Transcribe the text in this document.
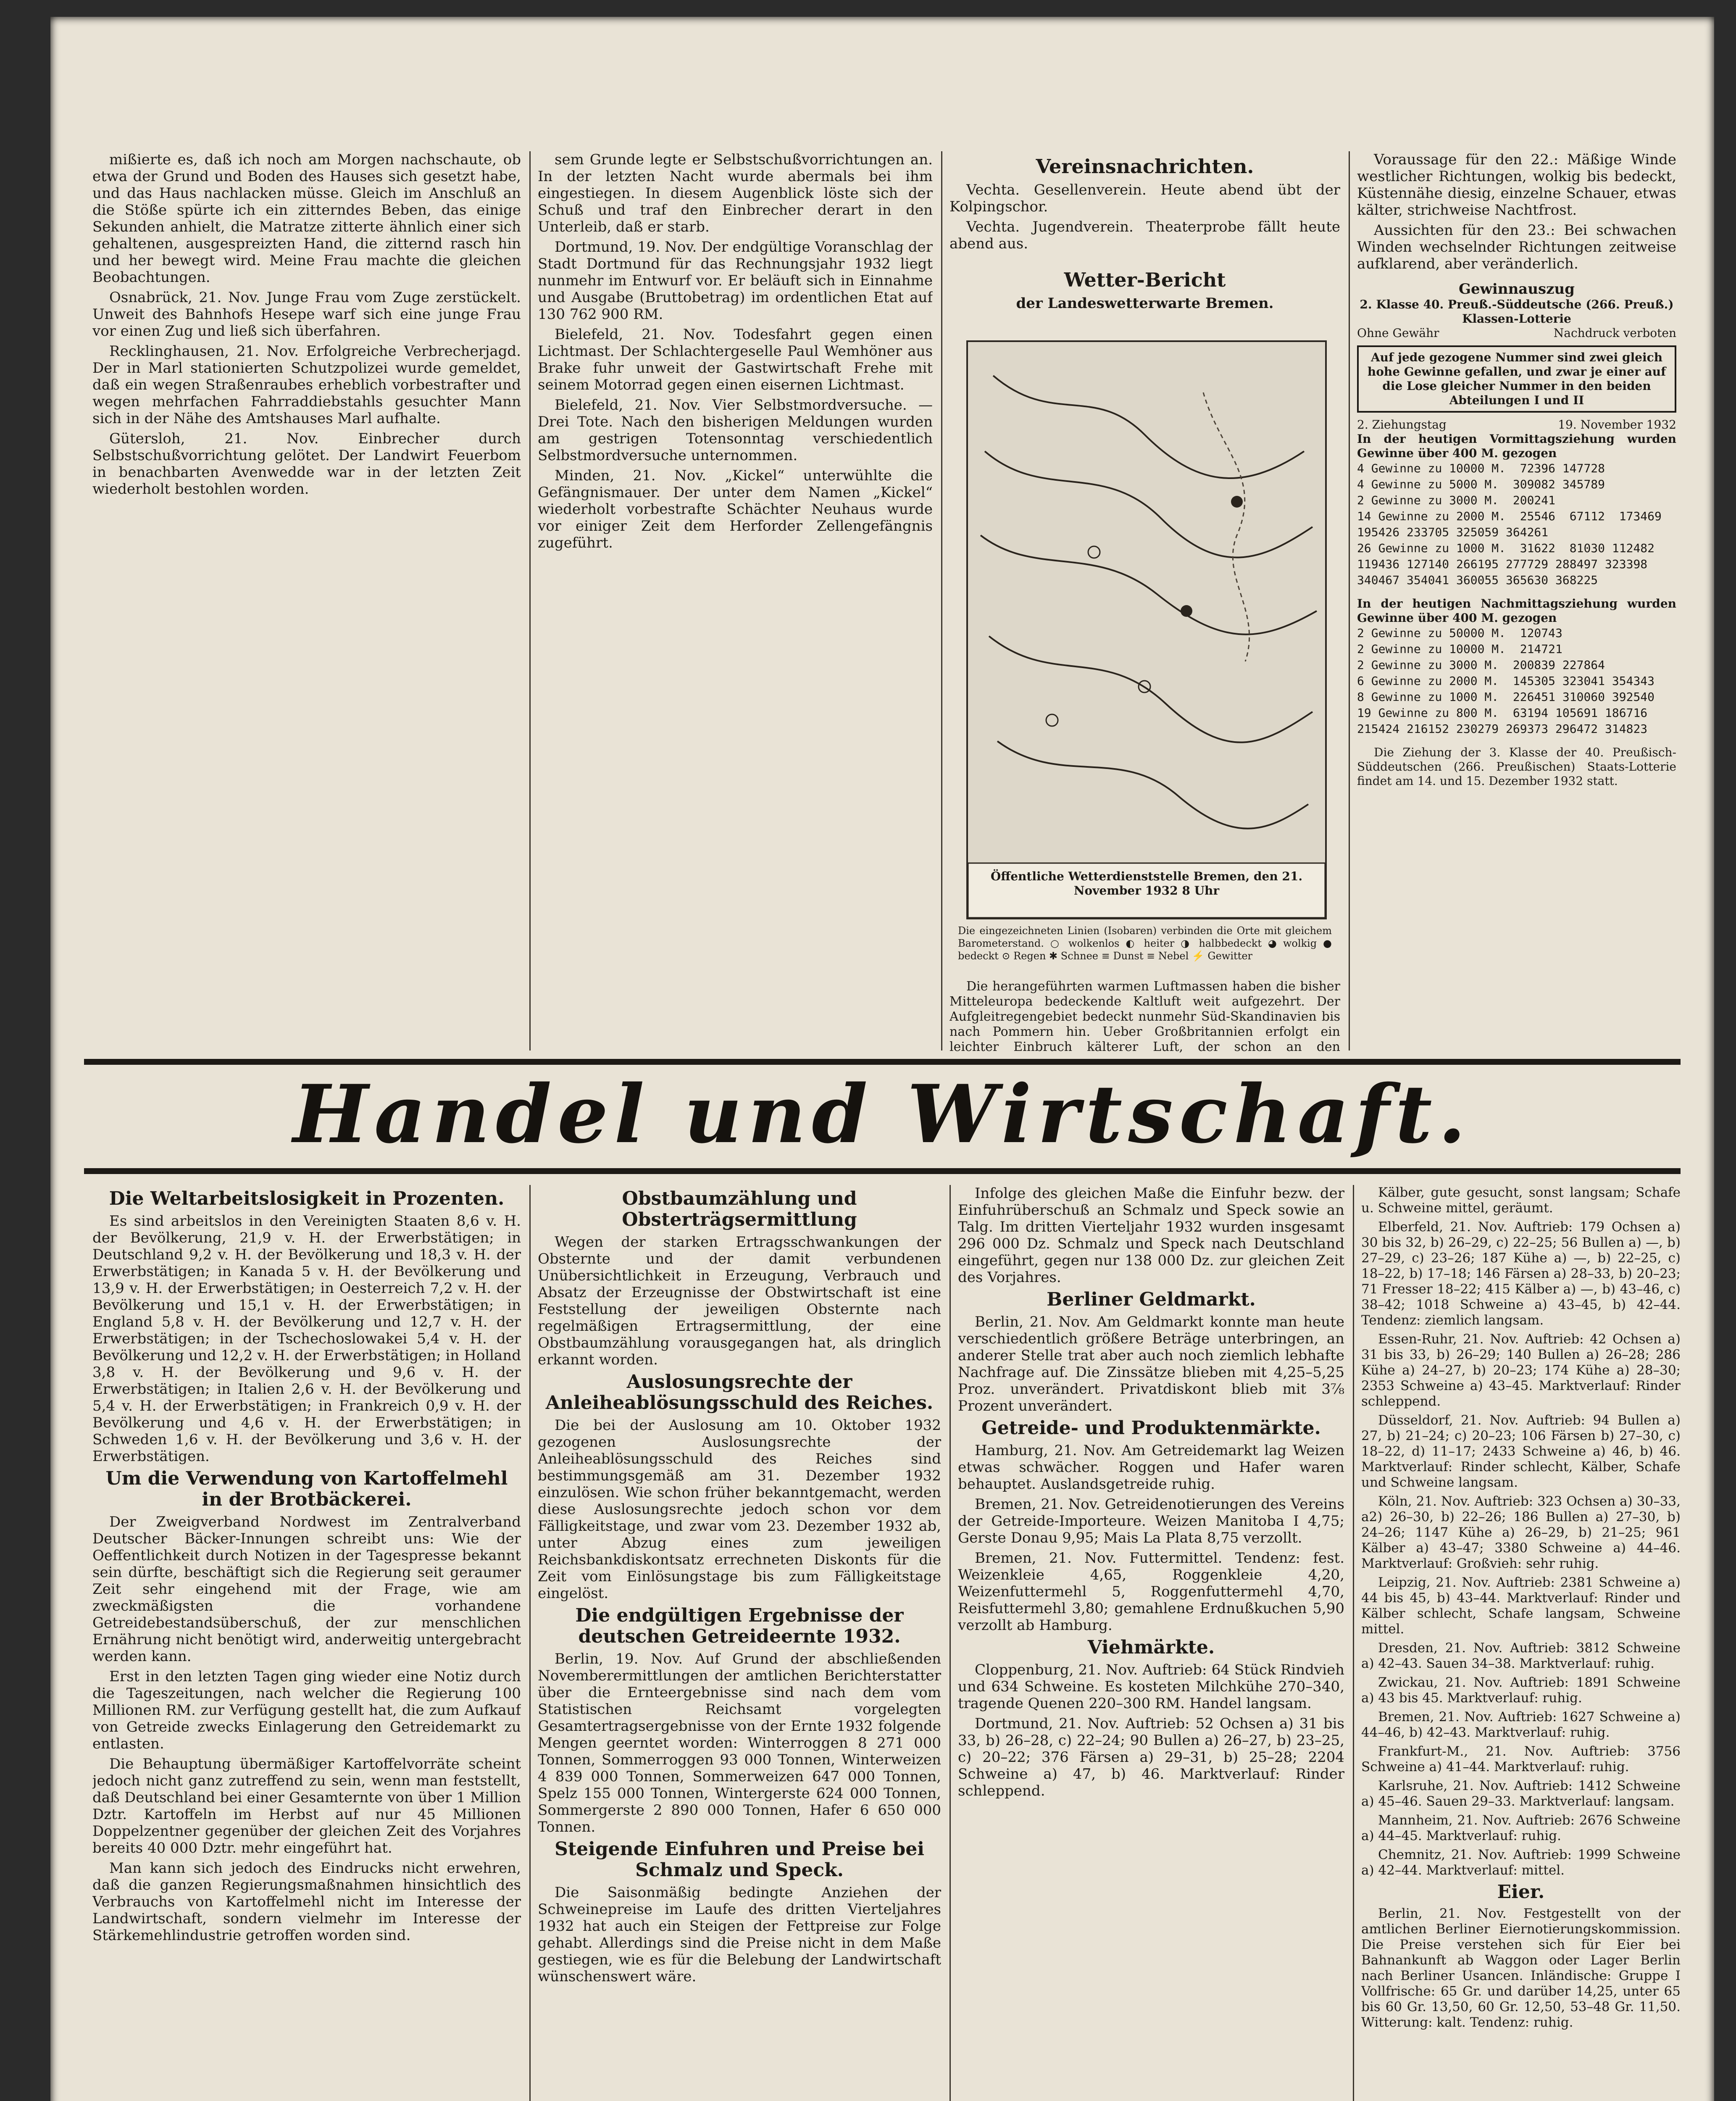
mißierte es, daß ich noch am Morgen nachschaute, ob etwa der Grund und Boden des Hauses sich gesetzt habe, und das Haus nachlacken müsse. Gleich im Anschluß an die Stöße spürte ich ein zitterndes Beben, das einige Sekunden anhielt, die Matratze zitterte ähnlich einer sich gehaltenen, ausgespreizten Hand, die zitternd rasch hin und her bewegt wird. Meine Frau machte die gleichen Beobachtungen.

Osnabrück, 21. Nov. Junge Frau vom Zuge zerstückelt. Unweit des Bahnhofs Hesepe warf sich eine junge Frau vor einen Zug und ließ sich überfahren.

Recklinghausen, 21. Nov. Erfolgreiche Verbrecherjagd. Der in Marl stationierten Schutzpolizei wurde gemeldet, daß ein wegen Straßenraubes erheblich vorbestrafter und wegen mehrfachen Fahrraddiebstahls gesuchter Mann sich in der Nähe des Amtshauses Marl aufhalte.

Gütersloh, 21. Nov. Einbrecher durch Selbstschußvorrichtung gelötet. Der Landwirt Feuerbom in benachbarten Avenwedde war in der letzten Zeit wiederholt bestohlen worden.

sem Grunde legte er Selbstschußvorrichtungen an. In der letzten Nacht wurde abermals bei ihm eingestiegen. In diesem Augenblick löste sich der Schuß und traf den Einbrecher derart in den Unterleib, daß er starb.

Dortmund, 19. Nov. Der endgültige Voranschlag der Stadt Dortmund für das Rechnungsjahr 1932 liegt nunmehr im Entwurf vor. Er beläuft sich in Einnahme und Ausgabe (Bruttobetrag) im ordentlichen Etat auf 130 762 900 RM.

Bielefeld, 21. Nov. Todesfahrt gegen einen Lichtmast. Der Schlachtergeselle Paul Wemhöner aus Brake fuhr unweit der Gastwirtschaft Frehe mit seinem Motorrad gegen einen eisernen Lichtmast.

Bielefeld, 21. Nov. Vier Selbstmordversuche. — Drei Tote. Nach den bisherigen Meldungen wurden am gestrigen Totensonntag verschiedentlich Selbstmordversuche unternommen.

Minden, 21. Nov. „Kickel“ unterwühlte die Gefängnismauer. Der unter dem Namen „Kickel“ wiederholt vorbestrafte Schächter Neuhaus wurde vor einiger Zeit dem Herforder Zellengefängnis zugeführt.

Vereinsnachrichten.

Vechta. Gesellenverein. Heute abend übt der Kolpingschor.

Vechta. Jugendverein. Theaterprobe fällt heute abend aus.

Wetter-Bericht
der Landeswetterwarte Bremen.
Öffentliche Wetterdienststelle Bremen, den 21. November 1932 8 Uhr
Die eingezeichneten Linien (Isobaren) verbinden die Orte mit gleichem Barometerstand. ○ wolkenlos ◐ heiter ◑ halbbedeckt ◕ wolkig ● bedeckt ⊙ Regen ✱ Schnee ≡ Dunst ≡ Nebel ⚡ Gewitter

Die herangeführten warmen Luftmassen haben die bisher Mitteleuropa bedeckende Kaltluft weit aufgezehrt. Der Aufgleitregengebiet bedeckt nunmehr Süd-Skandinavien bis nach Pommern hin. Ueber Großbritannien erfolgt ein leichter Einbruch kälterer Luft, der schon an den

Voraussage für den 22.: Mäßige Winde westlicher Richtungen, wolkig bis bedeckt, Küstennähe diesig, einzelne Schauer, etwas kälter, strichweise Nachtfrost.

Aussichten für den 23.: Bei schwachen Winden wechselnder Richtungen zeitweise aufklarend, aber veränderlich.

Gewinnauszug
2. Klasse 40. Preuß.-Süddeutsche (266. Preuß.) Klassen-Lotterie
Ohne Gewähr	Nachdruck verboten
Auf jede gezogene Nummer sind zwei gleich hohe Gewinne gefallen, und zwar je einer auf die Lose gleicher Nummer in den beiden Abteilungen I und II
2. Ziehungstag	19. November 1932
In der heutigen Vormittagsziehung wurden Gewinne über 400 M. gezogen
4 Gewinne zu 10000 M.  72396 147728
4 Gewinne zu 5000 M.  309082 345789
2 Gewinne zu 3000 M.  200241
14 Gewinne zu 2000 M.  25546  67112  173469
195426 233705 325059 364261
26 Gewinne zu 1000 M.  31622  81030 112482
119436 127140 266195 277729 288497 323398
340467 354041 360055 365630 368225
In der heutigen Nachmittagsziehung wurden Gewinne über 400 M. gezogen
2 Gewinne zu 50000 M.  120743
2 Gewinne zu 10000 M.  214721
2 Gewinne zu 3000 M.  200839 227864
6 Gewinne zu 2000 M.  145305 323041 354343
8 Gewinne zu 1000 M.  226451 310060 392540
19 Gewinne zu 800 M.  63194 105691 186716
215424 216152 230279 269373 296472 314823

Die Ziehung der 3. Klasse der 40. Preußisch-Süddeutschen (266. Preußischen) Staats-Lotterie findet am 14. und 15. Dezember 1932 statt.

Handel und Wirtschaft.
Die Weltarbeitslosigkeit in Prozenten.

Es sind arbeitslos in den Vereinigten Staaten 8,6 v. H. der Bevölkerung, 21,9 v. H. der Erwerbstätigen; in Deutschland 9,2 v. H. der Bevölkerung und 18,3 v. H. der Erwerbstätigen; in Kanada 5 v. H. der Bevölkerung und 13,9 v. H. der Erwerbstätigen; in Oesterreich 7,2 v. H. der Bevölkerung und 15,1 v. H. der Erwerbstätigen; in England 5,8 v. H. der Bevölkerung und 12,7 v. H. der Erwerbstätigen; in der Tschechoslowakei 5,4 v. H. der Bevölkerung und 12,2 v. H. der Erwerbstätigen; in Holland 3,8 v. H. der Bevölkerung und 9,6 v. H. der Erwerbstätigen; in Italien 2,6 v. H. der Bevölkerung und 5,4 v. H. der Erwerbstätigen; in Frankreich 0,9 v. H. der Bevölkerung und 4,6 v. H. der Erwerbstätigen; in Schweden 1,6 v. H. der Bevölkerung und 3,6 v. H. der Erwerbstätigen.

Um die Verwendung von Kartoffelmehl in der Brotbäckerei.

Der Zweigverband Nordwest im Zentralverband Deutscher Bäcker-Innungen schreibt uns: Wie der Oeffentlichkeit durch Notizen in der Tagespresse bekannt sein dürfte, beschäftigt sich die Regierung seit geraumer Zeit sehr eingehend mit der Frage, wie am zweckmäßigsten die vorhandene Getreidebestandsüberschuß, der zur menschlichen Ernährung nicht benötigt wird, anderweitig untergebracht werden kann.

Erst in den letzten Tagen ging wieder eine Notiz durch die Tageszeitungen, nach welcher die Regierung 100 Millionen RM. zur Verfügung gestellt hat, die zum Aufkauf von Getreide zwecks Einlagerung den Getreidemarkt zu entlasten.

Die Behauptung übermäßiger Kartoffelvorräte scheint jedoch nicht ganz zutreffend zu sein, wenn man feststellt, daß Deutschland bei einer Gesamternte von über 1 Million Dztr. Kartoffeln im Herbst auf nur 45 Millionen Doppelzentner gegenüber der gleichen Zeit des Vorjahres bereits 40 000 Dztr. mehr eingeführt hat.

Man kann sich jedoch des Eindrucks nicht erwehren, daß die ganzen Regierungsmaßnahmen hinsichtlich des Verbrauchs von Kartoffelmehl nicht im Interesse der Landwirtschaft, sondern vielmehr im Interesse der Stärkemehlindustrie getroffen worden sind.

Obstbaumzählung und Obsterträgsermittlung

Wegen der starken Ertragsschwankungen der Obsternte und der damit verbundenen Unübersichtlichkeit in Erzeugung, Verbrauch und Absatz der Erzeugnisse der Obstwirtschaft ist eine Feststellung der jeweiligen Obsternte nach regelmäßigen Ertragsermittlung, der eine Obstbaumzählung vorausgegangen hat, als dringlich erkannt worden.

Auslosungsrechte der Anleiheablösungsschuld des Reiches.

Die bei der Auslosung am 10. Oktober 1932 gezogenen Auslosungsrechte der Anleiheablösungsschuld des Reiches sind bestimmungsgemäß am 31. Dezember 1932 einzulösen. Wie schon früher bekanntgemacht, werden diese Auslosungsrechte jedoch schon vor dem Fälligkeitstage, und zwar vom 23. Dezember 1932 ab, unter Abzug eines zum jeweiligen Reichsbankdiskontsatz errechneten Diskonts für die Zeit vom Einlösungstage bis zum Fälligkeitstage eingelöst.

Die endgültigen Ergebnisse der deutschen Getreideernte 1932.

Berlin, 19. Nov. Auf Grund der abschließenden Novemberermittlungen der amtlichen Berichterstatter über die Ernteergebnisse sind nach dem vom Statistischen Reichsamt vorgelegten Gesamtertragsergebnisse von der Ernte 1932 folgende Mengen geerntet worden: Winterroggen 8 271 000 Tonnen, Sommerroggen 93 000 Tonnen, Winterweizen 4 839 000 Tonnen, Sommerweizen 647 000 Tonnen, Spelz 155 000 Tonnen, Wintergerste 624 000 Tonnen, Sommergerste 2 890 000 Tonnen, Hafer 6 650 000 Tonnen.

Steigende Einfuhren und Preise bei Schmalz und Speck.

Die Saisonmäßig bedingte Anziehen der Schweinepreise im Laufe des dritten Vierteljahres 1932 hat auch ein Steigen der Fettpreise zur Folge gehabt. Allerdings sind die Preise nicht in dem Maße gestiegen, wie es für die Belebung der Landwirtschaft wünschenswert wäre.

Infolge des gleichen Maße die Einfuhr bezw. der Einfuhrüberschuß an Schmalz und Speck sowie an Talg. Im dritten Vierteljahr 1932 wurden insgesamt 296 000 Dz. Schmalz und Speck nach Deutschland eingeführt, gegen nur 138 000 Dz. zur gleichen Zeit des Vorjahres.

Berliner Geldmarkt.

Berlin, 21. Nov. Am Geldmarkt konnte man heute verschiedentlich größere Beträge unterbringen, an anderer Stelle trat aber auch noch ziemlich lebhafte Nachfrage auf. Die Zinssätze blieben mit 4,25–5,25 Proz. unverändert. Privatdiskont blieb mit 3⅞ Prozent unverändert.

Getreide- und Produktenmärkte.

Hamburg, 21. Nov. Am Getreidemarkt lag Weizen etwas schwächer. Roggen und Hafer waren behauptet. Auslandsgetreide ruhig.

Bremen, 21. Nov. Getreidenotierungen des Vereins der Getreide-Importeure. Weizen Manitoba I 4,75; Gerste Donau 9,95; Mais La Plata 8,75 verzollt.

Bremen, 21. Nov. Futtermittel. Tendenz: fest. Weizenkleie 4,65, Roggenkleie 4,20, Weizenfuttermehl 5, Roggenfuttermehl 4,70, Reisfuttermehl 3,80; gemahlene Erdnußkuchen 5,90 verzollt ab Hamburg.

Viehmärkte.

Cloppenburg, 21. Nov. Auftrieb: 64 Stück Rindvieh und 634 Schweine. Es kosteten Milchkühe 270–340, tragende Quenen 220–300 RM. Handel langsam.

Dortmund, 21. Nov. Auftrieb: 52 Ochsen a) 31 bis 33, b) 26–28, c) 22–24; 90 Bullen a) 26–27, b) 23–25, c) 20–22; 376 Färsen a) 29–31, b) 25–28; 2204 Schweine a) 47, b) 46. Marktverlauf: Rinder schleppend.

Kälber, gute gesucht, sonst langsam; Schafe u. Schweine mittel, geräumt.

Elberfeld, 21. Nov. Auftrieb: 179 Ochsen a) 30 bis 32, b) 26–29, c) 22–25; 56 Bullen a) —, b) 27–29, c) 23–26; 187 Kühe a) —, b) 22–25, c) 18–22, b) 17–18; 146 Färsen a) 28–33, b) 20–23; 71 Fresser 18–22; 415 Kälber a) —, b) 43–46, c) 38–42; 1018 Schweine a) 43–45, b) 42–44. Tendenz: ziemlich langsam.

Essen-Ruhr, 21. Nov. Auftrieb: 42 Ochsen a) 31 bis 33, b) 26–29; 140 Bullen a) 26–28; 286 Kühe a) 24–27, b) 20–23; 174 Kühe a) 28–30; 2353 Schweine a) 43–45. Marktverlauf: Rinder schleppend.

Düsseldorf, 21. Nov. Auftrieb: 94 Bullen a) 27, b) 21–24; c) 20–23; 106 Färsen b) 27–30, c) 18–22, d) 11–17; 2433 Schweine a) 46, b) 46. Marktverlauf: Rinder schlecht, Kälber, Schafe und Schweine langsam.

Köln, 21. Nov. Auftrieb: 323 Ochsen a) 30–33, a2) 26–30, b) 22–26; 186 Bullen a) 27–30, b) 24–26; 1147 Kühe a) 26–29, b) 21–25; 961 Kälber a) 43–47; 3380 Schweine a) 44–46. Marktverlauf: Großvieh: sehr ruhig.

Leipzig, 21. Nov. Auftrieb: 2381 Schweine a) 44 bis 45, b) 43–44. Marktverlauf: Rinder und Kälber schlecht, Schafe langsam, Schweine mittel.

Dresden, 21. Nov. Auftrieb: 3812 Schweine a) 42–43. Sauen 34–38. Marktverlauf: ruhig.

Zwickau, 21. Nov. Auftrieb: 1891 Schweine a) 43 bis 45. Marktverlauf: ruhig.

Bremen, 21. Nov. Auftrieb: 1627 Schweine a) 44–46, b) 42–43. Marktverlauf: ruhig.

Frankfurt-M., 21. Nov. Auftrieb: 3756 Schweine a) 41–44. Marktverlauf: ruhig.

Karlsruhe, 21. Nov. Auftrieb: 1412 Schweine a) 45–46. Sauen 29–33. Marktverlauf: langsam.

Mannheim, 21. Nov. Auftrieb: 2676 Schweine a) 44–45. Marktverlauf: ruhig.

Chemnitz, 21. Nov. Auftrieb: 1999 Schweine a) 42–44. Marktverlauf: mittel.

Eier.

Berlin, 21. Nov. Festgestellt von der amtlichen Berliner Eiernotierungskommission. Die Preise verstehen sich für Eier bei Bahnankunft ab Waggon oder Lager Berlin nach Berliner Usancen. Inländische: Gruppe I Vollfrische: 65 Gr. und darüber 14,25, unter 65 bis 60 Gr. 13,50, 60 Gr. 12,50, 53–48 Gr. 11,50. Witterung: kalt. Tendenz: ruhig.
